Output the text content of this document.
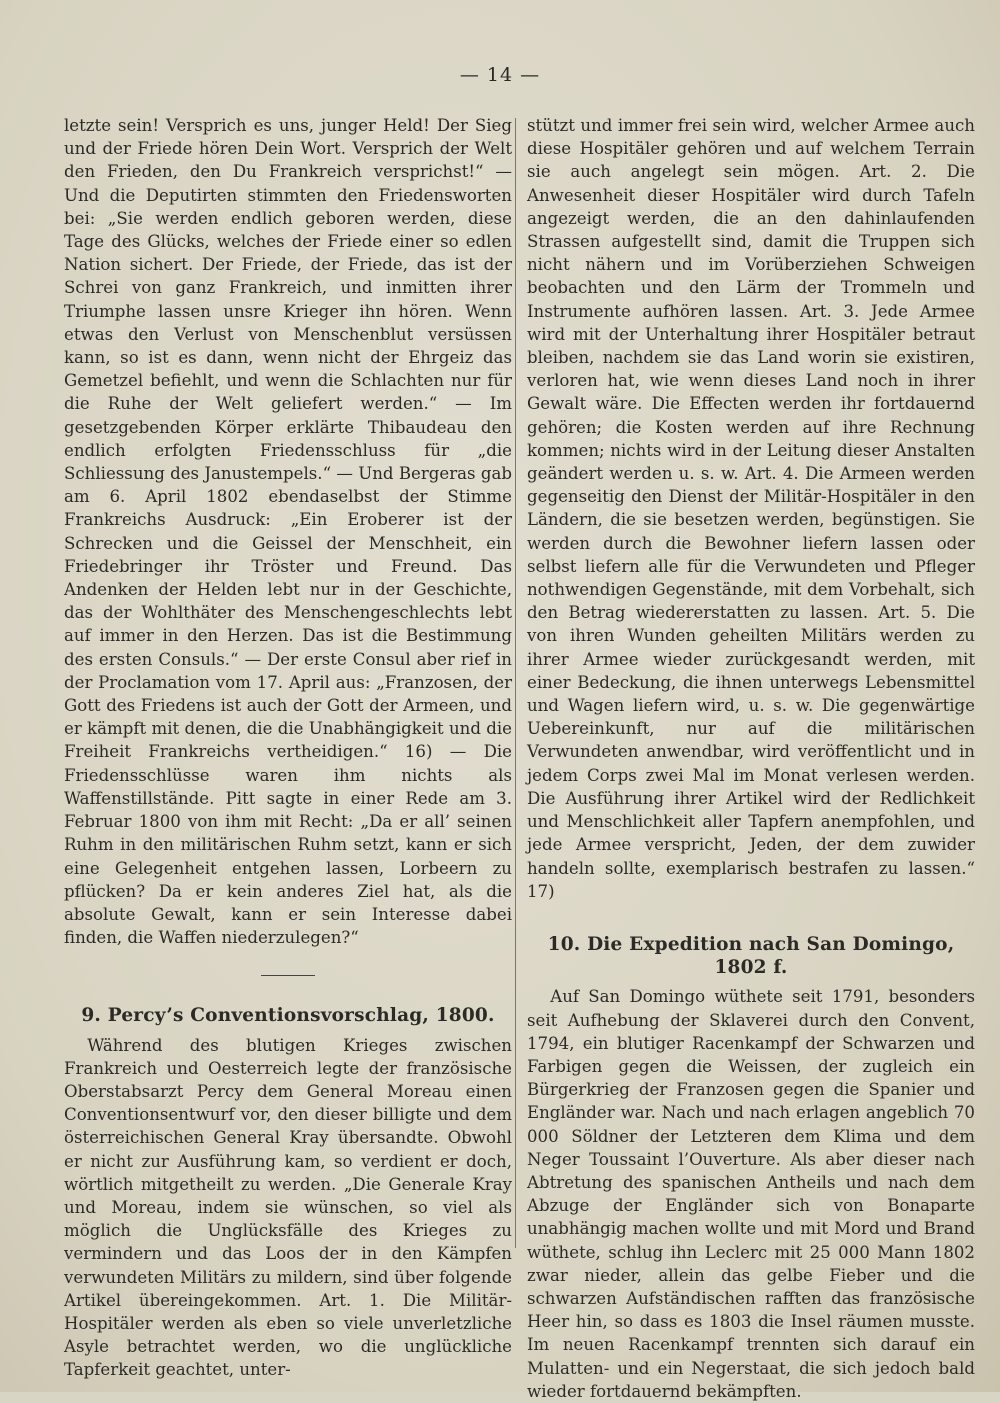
— 14 —

letzte sein! Versprich es uns, junger Held! Der Sieg und der Friede hören Dein Wort. Versprich der Welt den Frieden, den Du Frankreich versprichst!“ — Und die Deputirten stimmten den Friedensworten bei: „Sie werden endlich geboren werden, diese Tage des Glücks, welches der Friede einer so edlen Nation sichert. Der Friede, der Friede, das ist der Schrei von ganz Frankreich, und inmitten ihrer Triumphe lassen unsre Krieger ihn hören. Wenn etwas den Verlust von Menschenblut versüssen kann, so ist es dann, wenn nicht der Ehrgeiz das Gemetzel befiehlt, und wenn die Schlachten nur für die Ruhe der Welt geliefert werden.“ — Im gesetzgebenden Körper erklärte Thibaudeau den endlich erfolgten Friedensschluss für „die Schliessung des Janustempels.“ — Und Bergeras gab am 6. April 1802 ebendaselbst der Stimme Frankreichs Ausdruck: „Ein Eroberer ist der Schrecken und die Geissel der Menschheit, ein Friedebringer ihr Tröster und Freund. Das Andenken der Helden lebt nur in der Geschichte, das der Wohlthäter des Menschengeschlechts lebt auf immer in den Herzen. Das ist die Bestimmung des ersten Consuls.“ — Der erste Consul aber rief in der Proclamation vom 17. April aus: „Franzosen, der Gott des Friedens ist auch der Gott der Armeen, und er kämpft mit denen, die die Unabhängigkeit und die Freiheit Frankreichs vertheidigen.“ 16) — Die Friedensschlüsse waren ihm nichts als Waffenstillstände. Pitt sagte in einer Rede am 3. Februar 1800 von ihm mit Recht: „Da er all’ seinen Ruhm in den militärischen Ruhm setzt, kann er sich eine Gelegenheit entgehen lassen, Lorbeern zu pflücken? Da er kein anderes Ziel hat, als die absolute Gewalt, kann er sein Interesse dabei finden, die Waffen niederzulegen?“

9. Percy’s Conventionsvorschlag, 1800.

Während des blutigen Krieges zwischen Frankreich und Oesterreich legte der französische Oberstabsarzt Percy dem General Moreau einen Conventionsentwurf vor, den dieser billigte und dem österreichischen General Kray übersandte. Obwohl er nicht zur Ausführung kam, so verdient er doch, wörtlich mitgetheilt zu werden. „Die Generale Kray und Moreau, indem sie wünschen, so viel als möglich die Unglücksfälle des Krieges zu vermindern und das Loos der in den Kämpfen verwundeten Militärs zu mildern, sind über folgende Artikel übereingekommen. Art. 1. Die Militär-Hospitäler werden als eben so viele unverletzliche Asyle betrachtet werden, wo die unglückliche Tapferkeit geachtet, unter-

stützt und immer frei sein wird, welcher Armee auch diese Hospitäler gehören und auf welchem Terrain sie auch angelegt sein mögen. Art. 2. Die Anwesenheit dieser Hospitäler wird durch Tafeln angezeigt werden, die an den dahinlaufenden Strassen aufgestellt sind, damit die Truppen sich nicht nähern und im Vorüberziehen Schweigen beobachten und den Lärm der Trommeln und Instrumente aufhören lassen. Art. 3. Jede Armee wird mit der Unterhaltung ihrer Hospitäler betraut bleiben, nachdem sie das Land worin sie existiren, verloren hat, wie wenn dieses Land noch in ihrer Gewalt wäre. Die Effecten werden ihr fortdauernd gehören; die Kosten werden auf ihre Rechnung kommen; nichts wird in der Leitung dieser Anstalten geändert werden u. s. w. Art. 4. Die Armeen werden gegenseitig den Dienst der Militär-Hospitäler in den Ländern, die sie besetzen werden, begünstigen. Sie werden durch die Bewohner liefern lassen oder selbst liefern alle für die Verwundeten und Pfleger nothwendigen Gegenstände, mit dem Vorbehalt, sich den Betrag wiedererstatten zu lassen. Art. 5. Die von ihren Wunden geheilten Militärs werden zu ihrer Armee wieder zurückgesandt werden, mit einer Bedeckung, die ihnen unterwegs Lebensmittel und Wagen liefern wird, u. s. w. Die gegenwärtige Uebereinkunft, nur auf die militärischen Verwundeten anwendbar, wird veröffentlicht und in jedem Corps zwei Mal im Monat verlesen werden. Die Ausführung ihrer Artikel wird der Redlichkeit und Menschlichkeit aller Tapfern anempfohlen, und jede Armee verspricht, Jeden, der dem zuwider handeln sollte, exemplarisch bestrafen zu lassen.“ 17)

10. Die Expedition nach San Domingo, 1802 f.

Auf San Domingo wüthete seit 1791, besonders seit Aufhebung der Sklaverei durch den Convent, 1794, ein blutiger Racenkampf der Schwarzen und Farbigen gegen die Weissen, der zugleich ein Bürgerkrieg der Franzosen gegen die Spanier und Engländer war. Nach und nach erlagen angeblich 70 000 Söldner der Letzteren dem Klima und dem Neger Toussaint l’Ouverture. Als aber dieser nach Abtretung des spanischen Antheils und nach dem Abzuge der Engländer sich von Bonaparte unabhängig machen wollte und mit Mord und Brand wüthete, schlug ihn Leclerc mit 25 000 Mann 1802 zwar nieder, allein das gelbe Fieber und die schwarzen Aufständischen rafften das französische Heer hin, so dass es 1803 die Insel räumen musste. Im neuen Racenkampf trennten sich darauf ein Mulatten- und ein Negerstaat, die sich jedoch bald wieder fortdauernd bekämpften.
